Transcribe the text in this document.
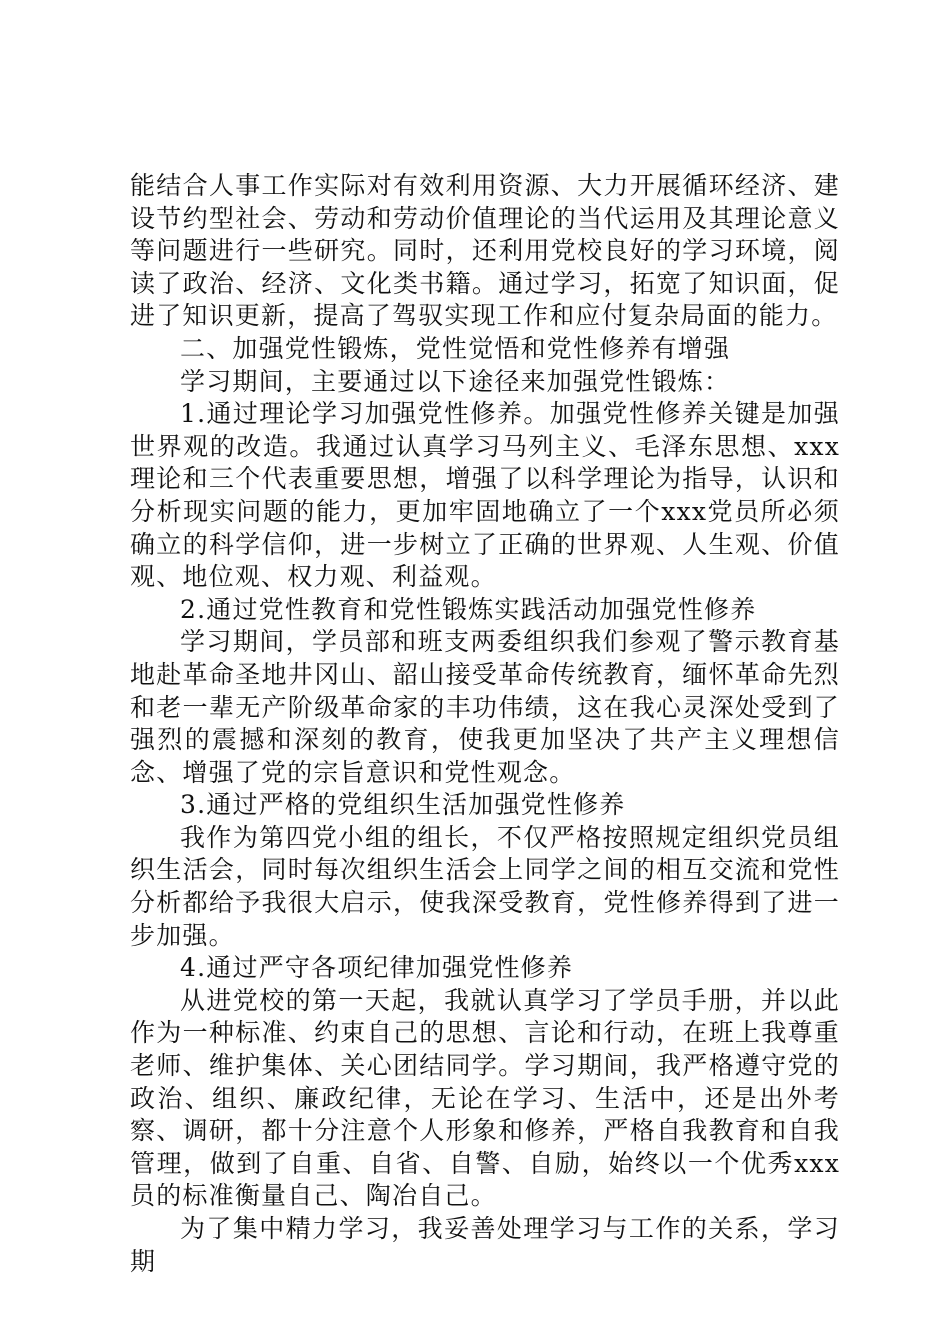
能结合人事工作实际对有效利用资源、大力开展循环经济、建设节约型社会、劳动和劳动价值理论的当代运用及其理论意义等问题进行一些研究。同时，还利用党校良好的学习环境，阅读了政治、经济、文化类书籍。通过学习，拓宽了知识面，促进了知识更新，提高了驾驭实现工作和应付复杂局面的能力。

二、加强党性锻炼，党性觉悟和党性修养有增强

学习期间，主要通过以下途径来加强党性锻炼：

1.通过理论学习加强党性修养。加强党性修养关键是加强世界观的改造。我通过认真学习马列主义、毛泽东思想、xxx理论和三个代表重要思想，增强了以科学理论为指导，认识和分析现实问题的能力，更加牢固地确立了一个xxx党员所必须确立的科学信仰，进一步树立了正确的世界观、人生观、价值观、地位观、权力观、利益观。

2.通过党性教育和党性锻炼实践活动加强党性修养

学习期间，学员部和班支两委组织我们参观了警示教育基地赴革命圣地井冈山、韶山接受革命传统教育，缅怀革命先烈和老一辈无产阶级革命家的丰功伟绩，这在我心灵深处受到了强烈的震撼和深刻的教育，使我更加坚决了共产主义理想信念、增强了党的宗旨意识和党性观念。

3.通过严格的党组织生活加强党性修养

我作为第四党小组的组长，不仅严格按照规定组织党员组织生活会，同时每次组织生活会上同学之间的相互交流和党性分析都给予我很大启示，使我深受教育，党性修养得到了进一步加强。

4.通过严守各项纪律加强党性修养

从进党校的第一天起，我就认真学习了学员手册，并以此作为一种标准、约束自己的思想、言论和行动，在班上我尊重老师、维护集体、关心团结同学。学习期间，我严格遵守党的政治、组织、廉政纪律，无论在学习、生活中，还是出外考察、调研，都十分注意个人形象和修养，严格自我教育和自我管理，做到了自重、自省、自警、自励，始终以一个优秀xxx员的标准衡量自己、陶冶自己。

为了集中精力学习，我妥善处理学习与工作的关系，学习期
